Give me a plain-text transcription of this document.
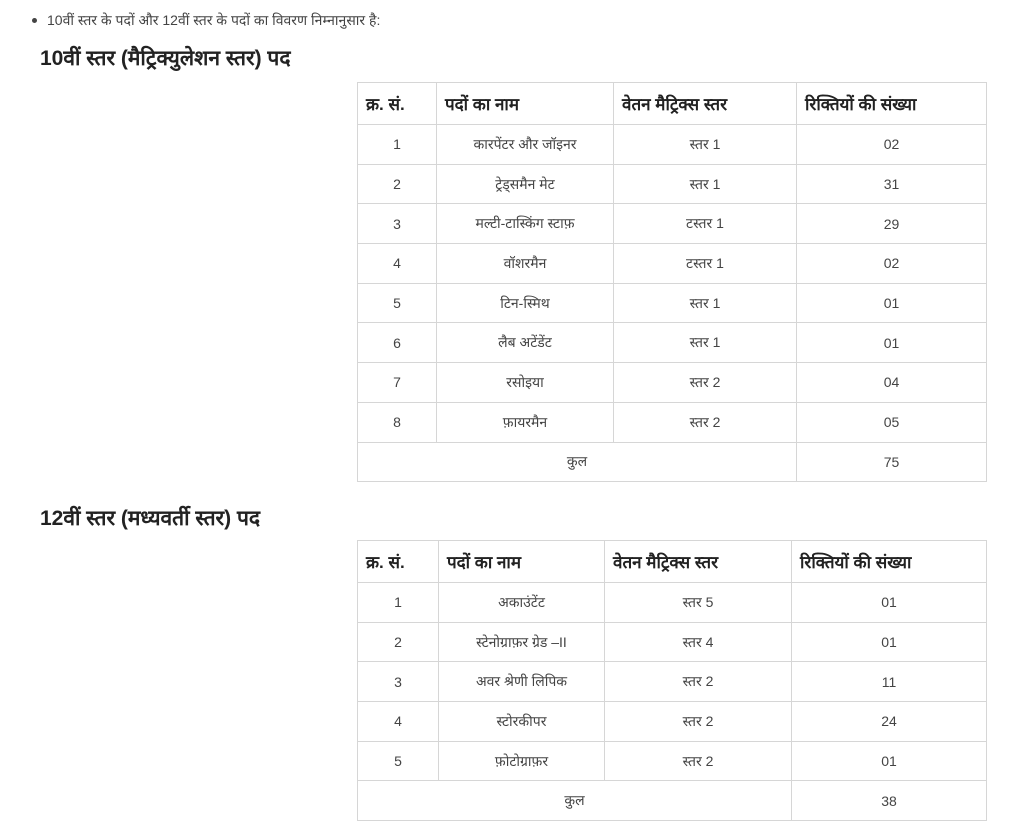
10वीं स्तर के पदों और 12वीं स्तर के पदों का विवरण निम्नानुसार है:
10वीं स्तर (मैट्रिक्युलेशन स्तर) पद
क्र. सं.	पदों का नाम	वेतन मैट्रिक्स स्तर	रिक्तियों की संख्या
1	कारपेंटर और जॉइनर	स्तर 1	02
2	ट्रेड्समैन मेट	स्तर 1	31
3	मल्टी-टास्किंग स्टाफ़	टस्तर 1	29
4	वॉशरमैन	टस्तर 1	02
5	टिन-स्मिथ	स्तर 1	01
6	लैब अटेंडेंट	स्तर 1	01
7	रसोइया	स्तर 2	04
8	फ़ायरमैन	स्तर 2	05
कुल			75
12वीं स्तर (मध्यवर्ती स्तर) पद
क्र. सं.	पदों का नाम	वेतन मैट्रिक्स स्तर	रिक्तियों की संख्या
1	अकाउंटेंट	स्तर 5	01
2	स्टेनोग्राफ़र ग्रेड –II	स्तर 4	01
3	अवर श्रेणी लिपिक	स्तर 2	11
4	स्टोरकीपर	स्तर 2	24
5	फ़ोटोग्राफ़र	स्तर 2	01
कुल			38
